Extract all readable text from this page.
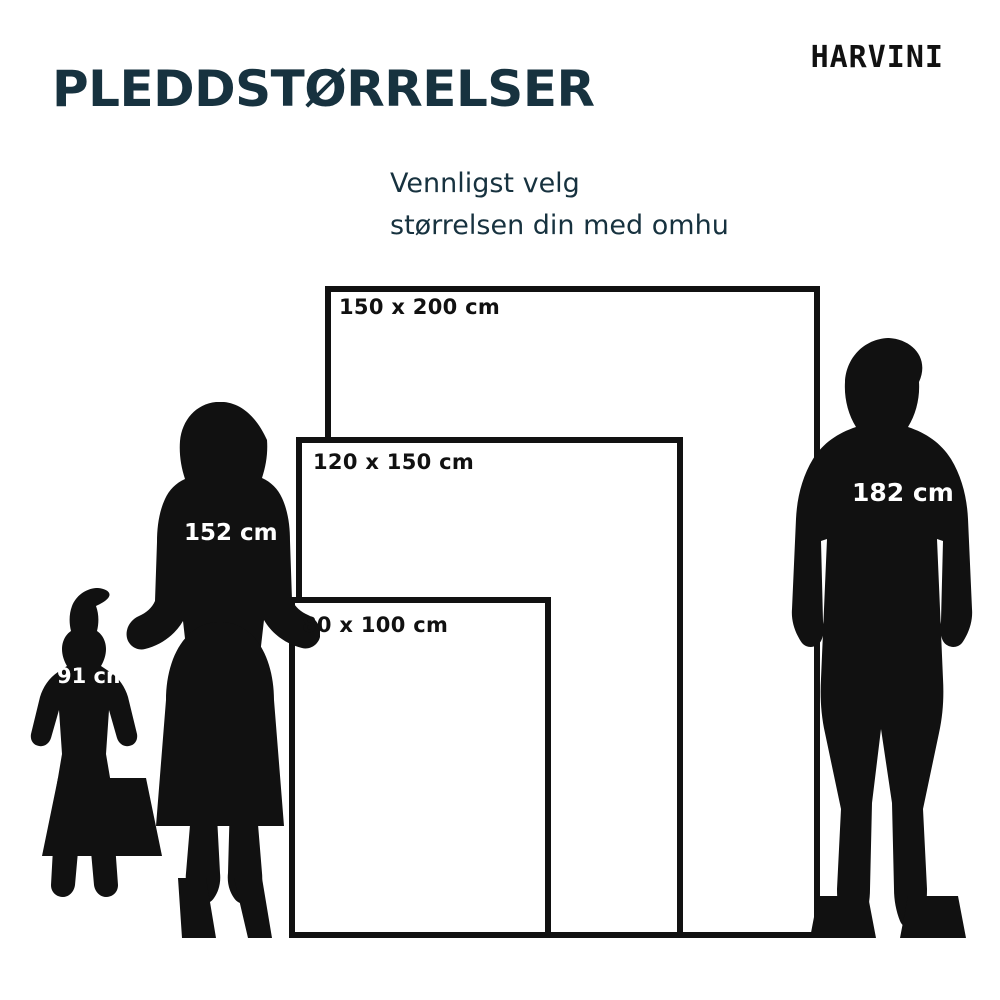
PLEDDSTØRRELSER
HARVINI
Vennligst velg
størrelsen din med omhu
150 x 200 cm
120 x 150 cm
80 x 100 cm
91 cm
152 cm
182 cm
